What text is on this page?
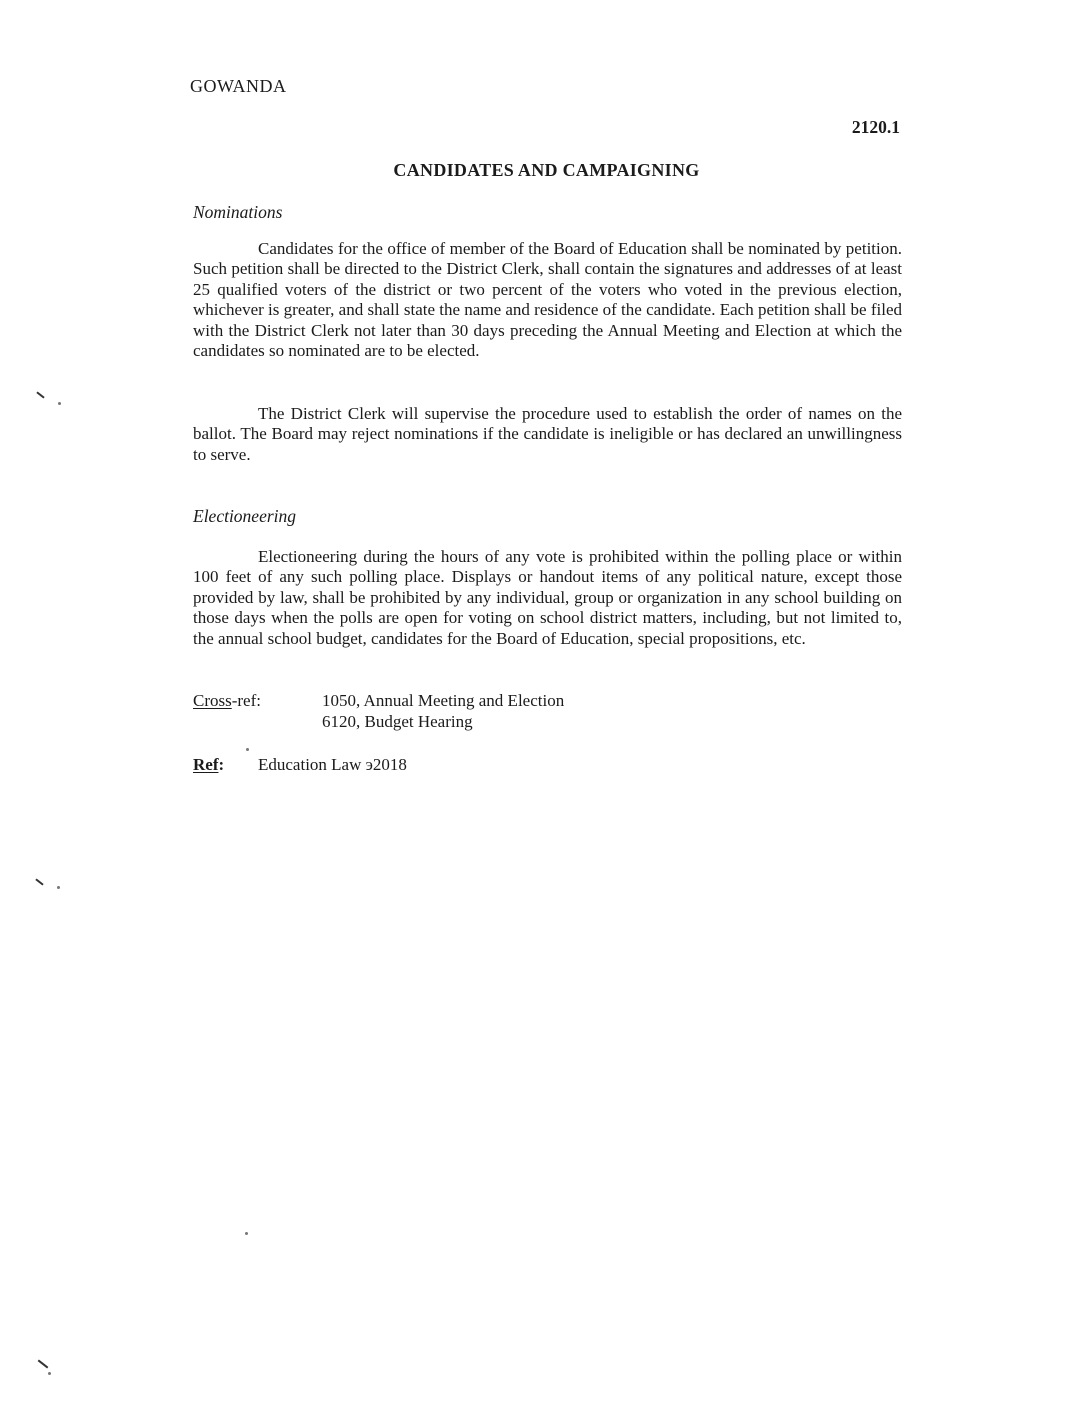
GOWANDA
2120.1
CANDIDATES AND CAMPAIGNING
Nominations
Candidates for the office of member of the Board of Education shall be nominated by petition. Such petition shall be directed to the District Clerk, shall contain the signatures and addresses of at least 25 qualified voters of the district or two percent of the voters who voted in the previous election, whichever is greater, and shall state the name and residence of the candidate. Each petition shall be filed with the District Clerk not later than 30 days preceding the Annual Meeting and Election at which the candidates so nominated are to be elected.
The District Clerk will supervise the procedure used to establish the order of names on the ballot. The Board may reject nominations if the candidate is ineligible or has declared an unwillingness to serve.
Electioneering
Electioneering during the hours of any vote is prohibited within the polling place or within 100 feet of any such polling place. Displays or handout items of any political nature, except those provided by law, shall be prohibited by any individual, group or organization in any school building on those days when the polls are open for voting on school district matters, including, but not limited to, the annual school budget, candidates for the Board of Education, special propositions, etc.
Cross-ref:	1050, Annual Meeting and Election
6120, Budget Hearing
Ref:	Education Law э2018
